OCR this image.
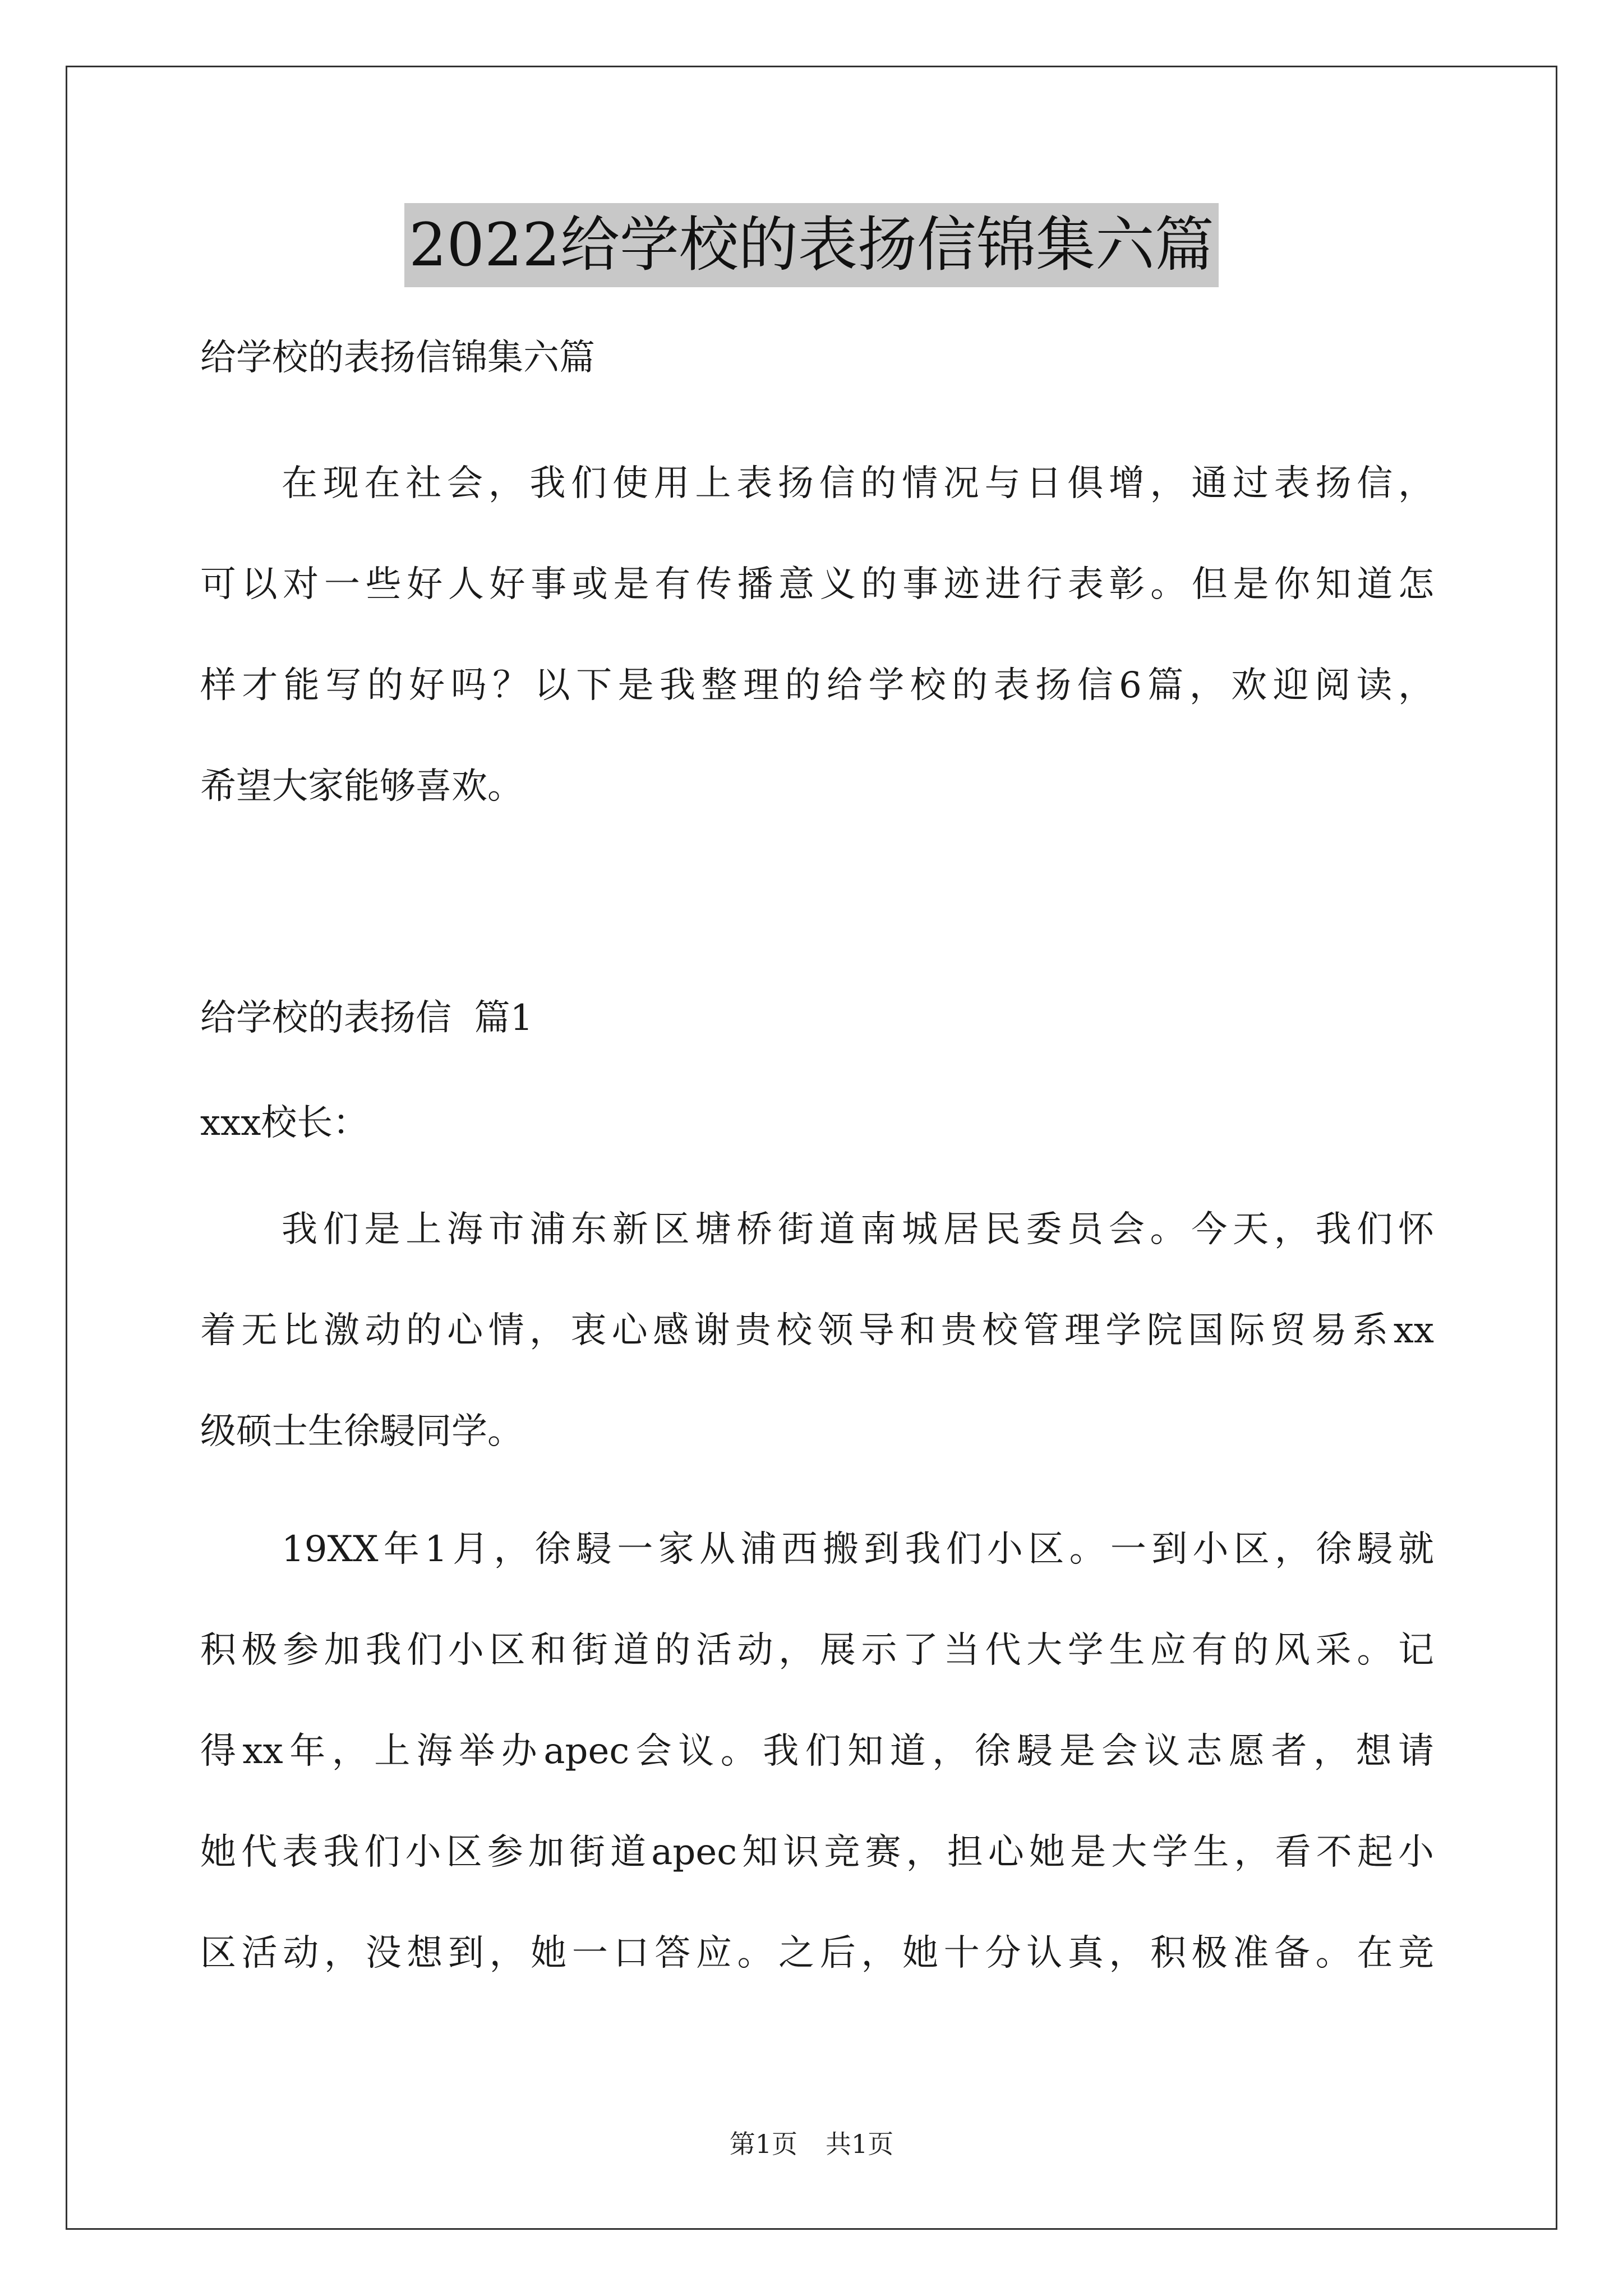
2022给学校的表扬信锦集六篇

给学校的表扬信锦集六篇

在现在社会，我们使用上表扬信的情况与日俱增，通过表扬信，

可以对一些好人好事或是有传播意义的事迹进行表彰。但是你知道怎

样才能写的好吗？以下是我整理的给学校的表扬信6篇，欢迎阅读，

希望大家能够喜欢。

给学校的表扬信  篇1

xxx校长：

我们是上海市浦东新区塘桥街道南城居民委员会。今天，我们怀

着无比激动的心情，衷心感谢贵校领导和贵校管理学院国际贸易系xx

级硕士生徐駸同学。

19XX年1月，徐駸一家从浦西搬到我们小区。一到小区，徐駸就

积极参加我们小区和街道的活动，展示了当代大学生应有的风采。记

得xx年，上海举办apec会议。我们知道，徐駸是会议志愿者，想请

她代表我们小区参加街道apec知识竞赛，担心她是大学生，看不起小

区活动，没想到，她一口答应。之后，她十分认真，积极准备。在竞

第1页 共1页
